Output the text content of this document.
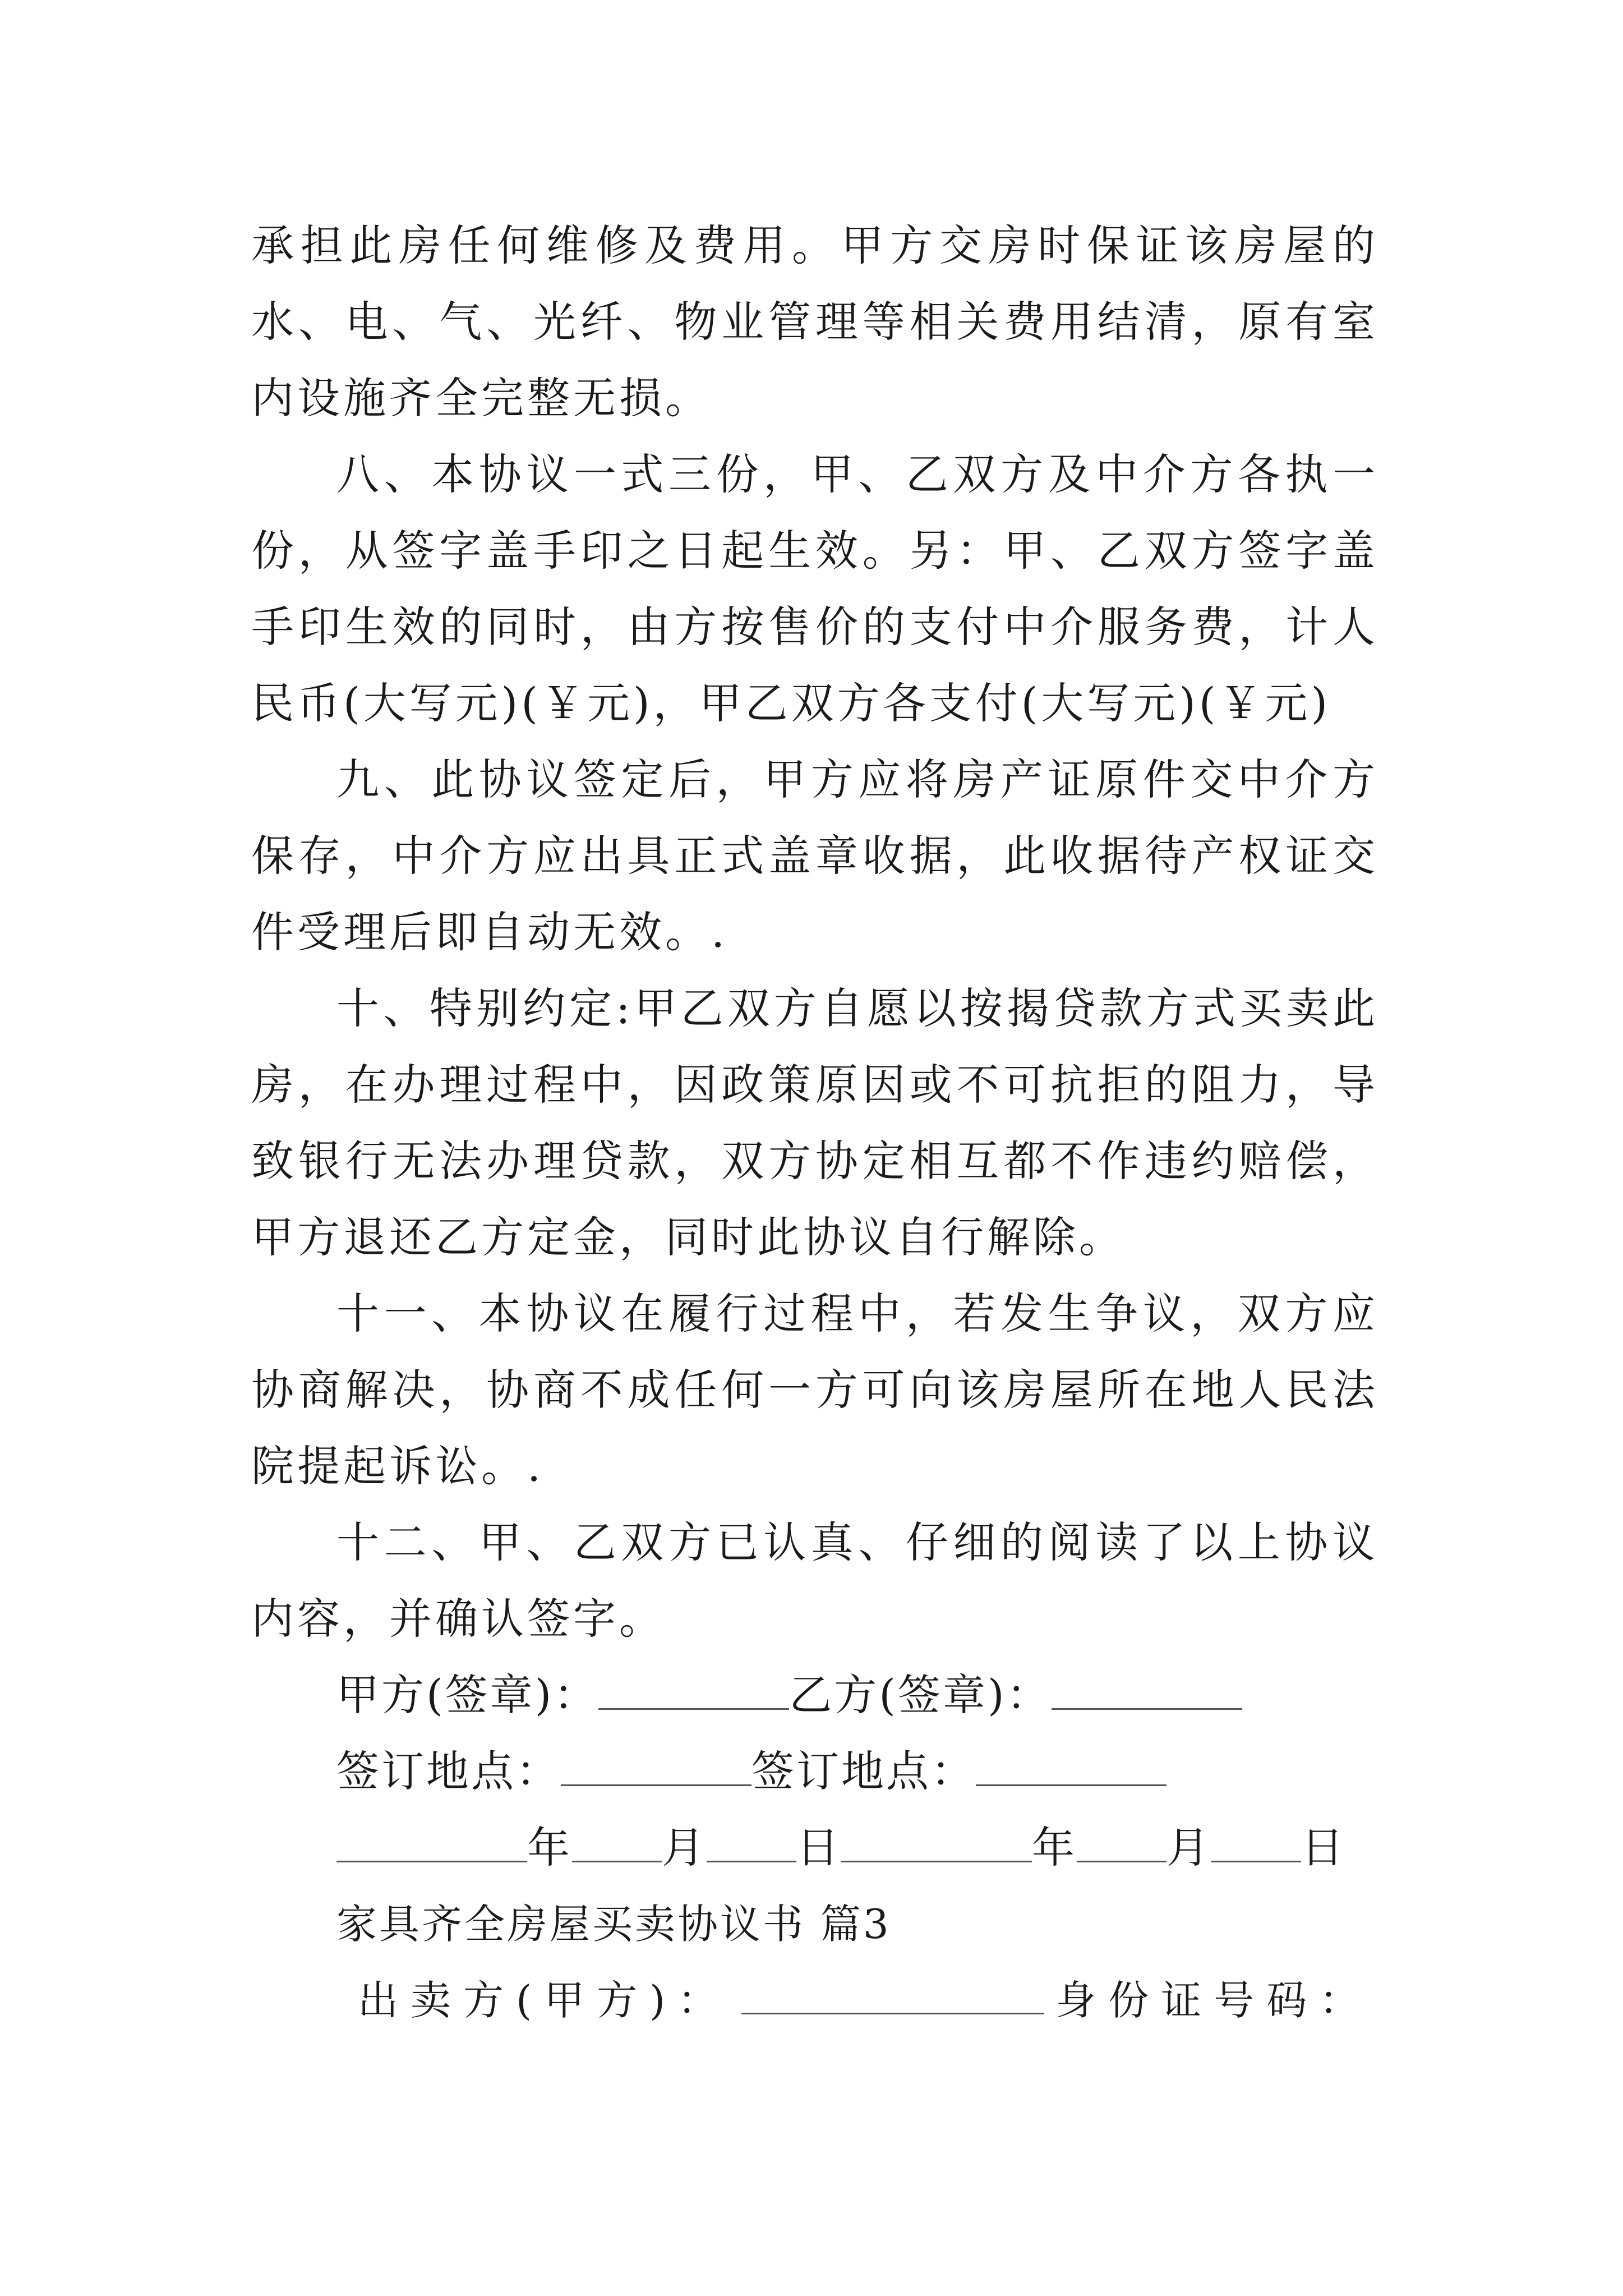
承担此房任何维修及费用。甲方交房时保证该房屋的水、电、气、光纤、物业管理等相关费用结清，原有室内设施齐全完整无损。

八、本协议一式三份，甲、乙双方及中介方各执一份，从签字盖手印之日起生效。另：甲、乙双方签字盖手印生效的同时，由方按售价的支付中介服务费，计人民币(大写元)(￥元)，甲乙双方各支付(大写元)(￥元)

九、此协议签定后，甲方应将房产证原件交中介方保存，中介方应出具正式盖章收据，此收据待产权证交件受理后即自动无效。.

十、特别约定:甲乙双方自愿以按揭贷款方式买卖此房，在办理过程中，因政策原因或不可抗拒的阻力，导致银行无法办理贷款，双方协定相互都不作违约赔偿，甲方退还乙方定金，同时此协议自行解除。

十一、本协议在履行过程中，若发生争议，双方应协商解决，协商不成任何一方可向该房屋所在地人民法院提起诉讼。.

十二、甲、乙双方已认真、仔细的阅读了以上协议内容，并确认签字。

甲方(签章)：	乙方(签章)：

签订地点：	签订地点：

年 月 日	年 月 日

家具齐全房屋买卖协议书 篇3

出卖方(甲方)：	身份证号码：
